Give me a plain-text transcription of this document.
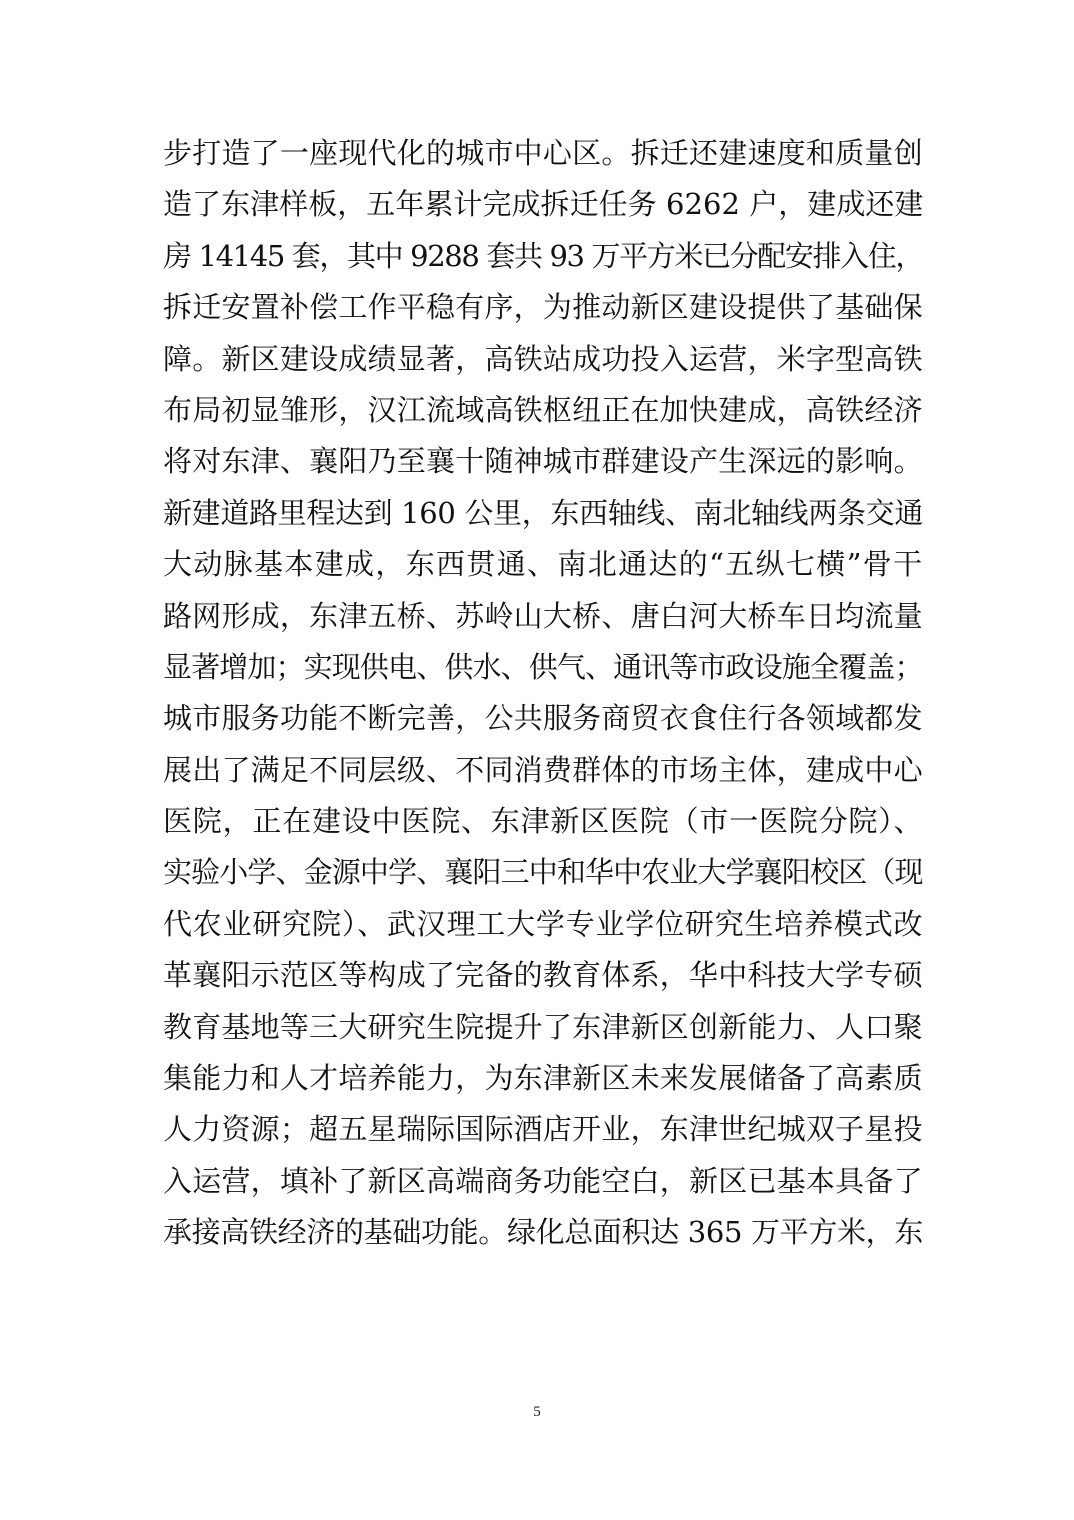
步打造了一座现代化的城市中心区。拆迁还建速度和质量创
造了东津样板，五年累计完成拆迁任务 6262 户，建成还建
房 14145 套，其中 9288 套共 93 万平方米已分配安排入住，
拆迁安置补偿工作平稳有序，为推动新区建设提供了基础保
障。新区建设成绩显著，高铁站成功投入运营，米字型高铁
布局初显雏形，汉江流域高铁枢纽正在加快建成，高铁经济
将对东津、襄阳乃至襄十随神城市群建设产生深远的影响。
新建道路里程达到 160 公里，东西轴线、南北轴线两条交通
大动脉基本建成，东西贯通、南北通达的“五纵七横”骨干
路网形成，东津五桥、苏岭山大桥、唐白河大桥车日均流量
显著增加；实现供电、供水、供气、通讯等市政设施全覆盖；
城市服务功能不断完善，公共服务商贸衣食住行各领域都发
展出了满足不同层级、不同消费群体的市场主体，建成中心
医院，正在建设中医院、东津新区医院（市一医院分院）、
实验小学、金源中学、襄阳三中和华中农业大学襄阳校区（现
代农业研究院）、武汉理工大学专业学位研究生培养模式改
革襄阳示范区等构成了完备的教育体系，华中科技大学专硕
教育基地等三大研究生院提升了东津新区创新能力、人口聚
集能力和人才培养能力，为东津新区未来发展储备了高素质
人力资源；超五星瑞际国际酒店开业，东津世纪城双子星投
入运营，填补了新区高端商务功能空白，新区已基本具备了
承接高铁经济的基础功能。绿化总面积达 365 万平方米，东
5
